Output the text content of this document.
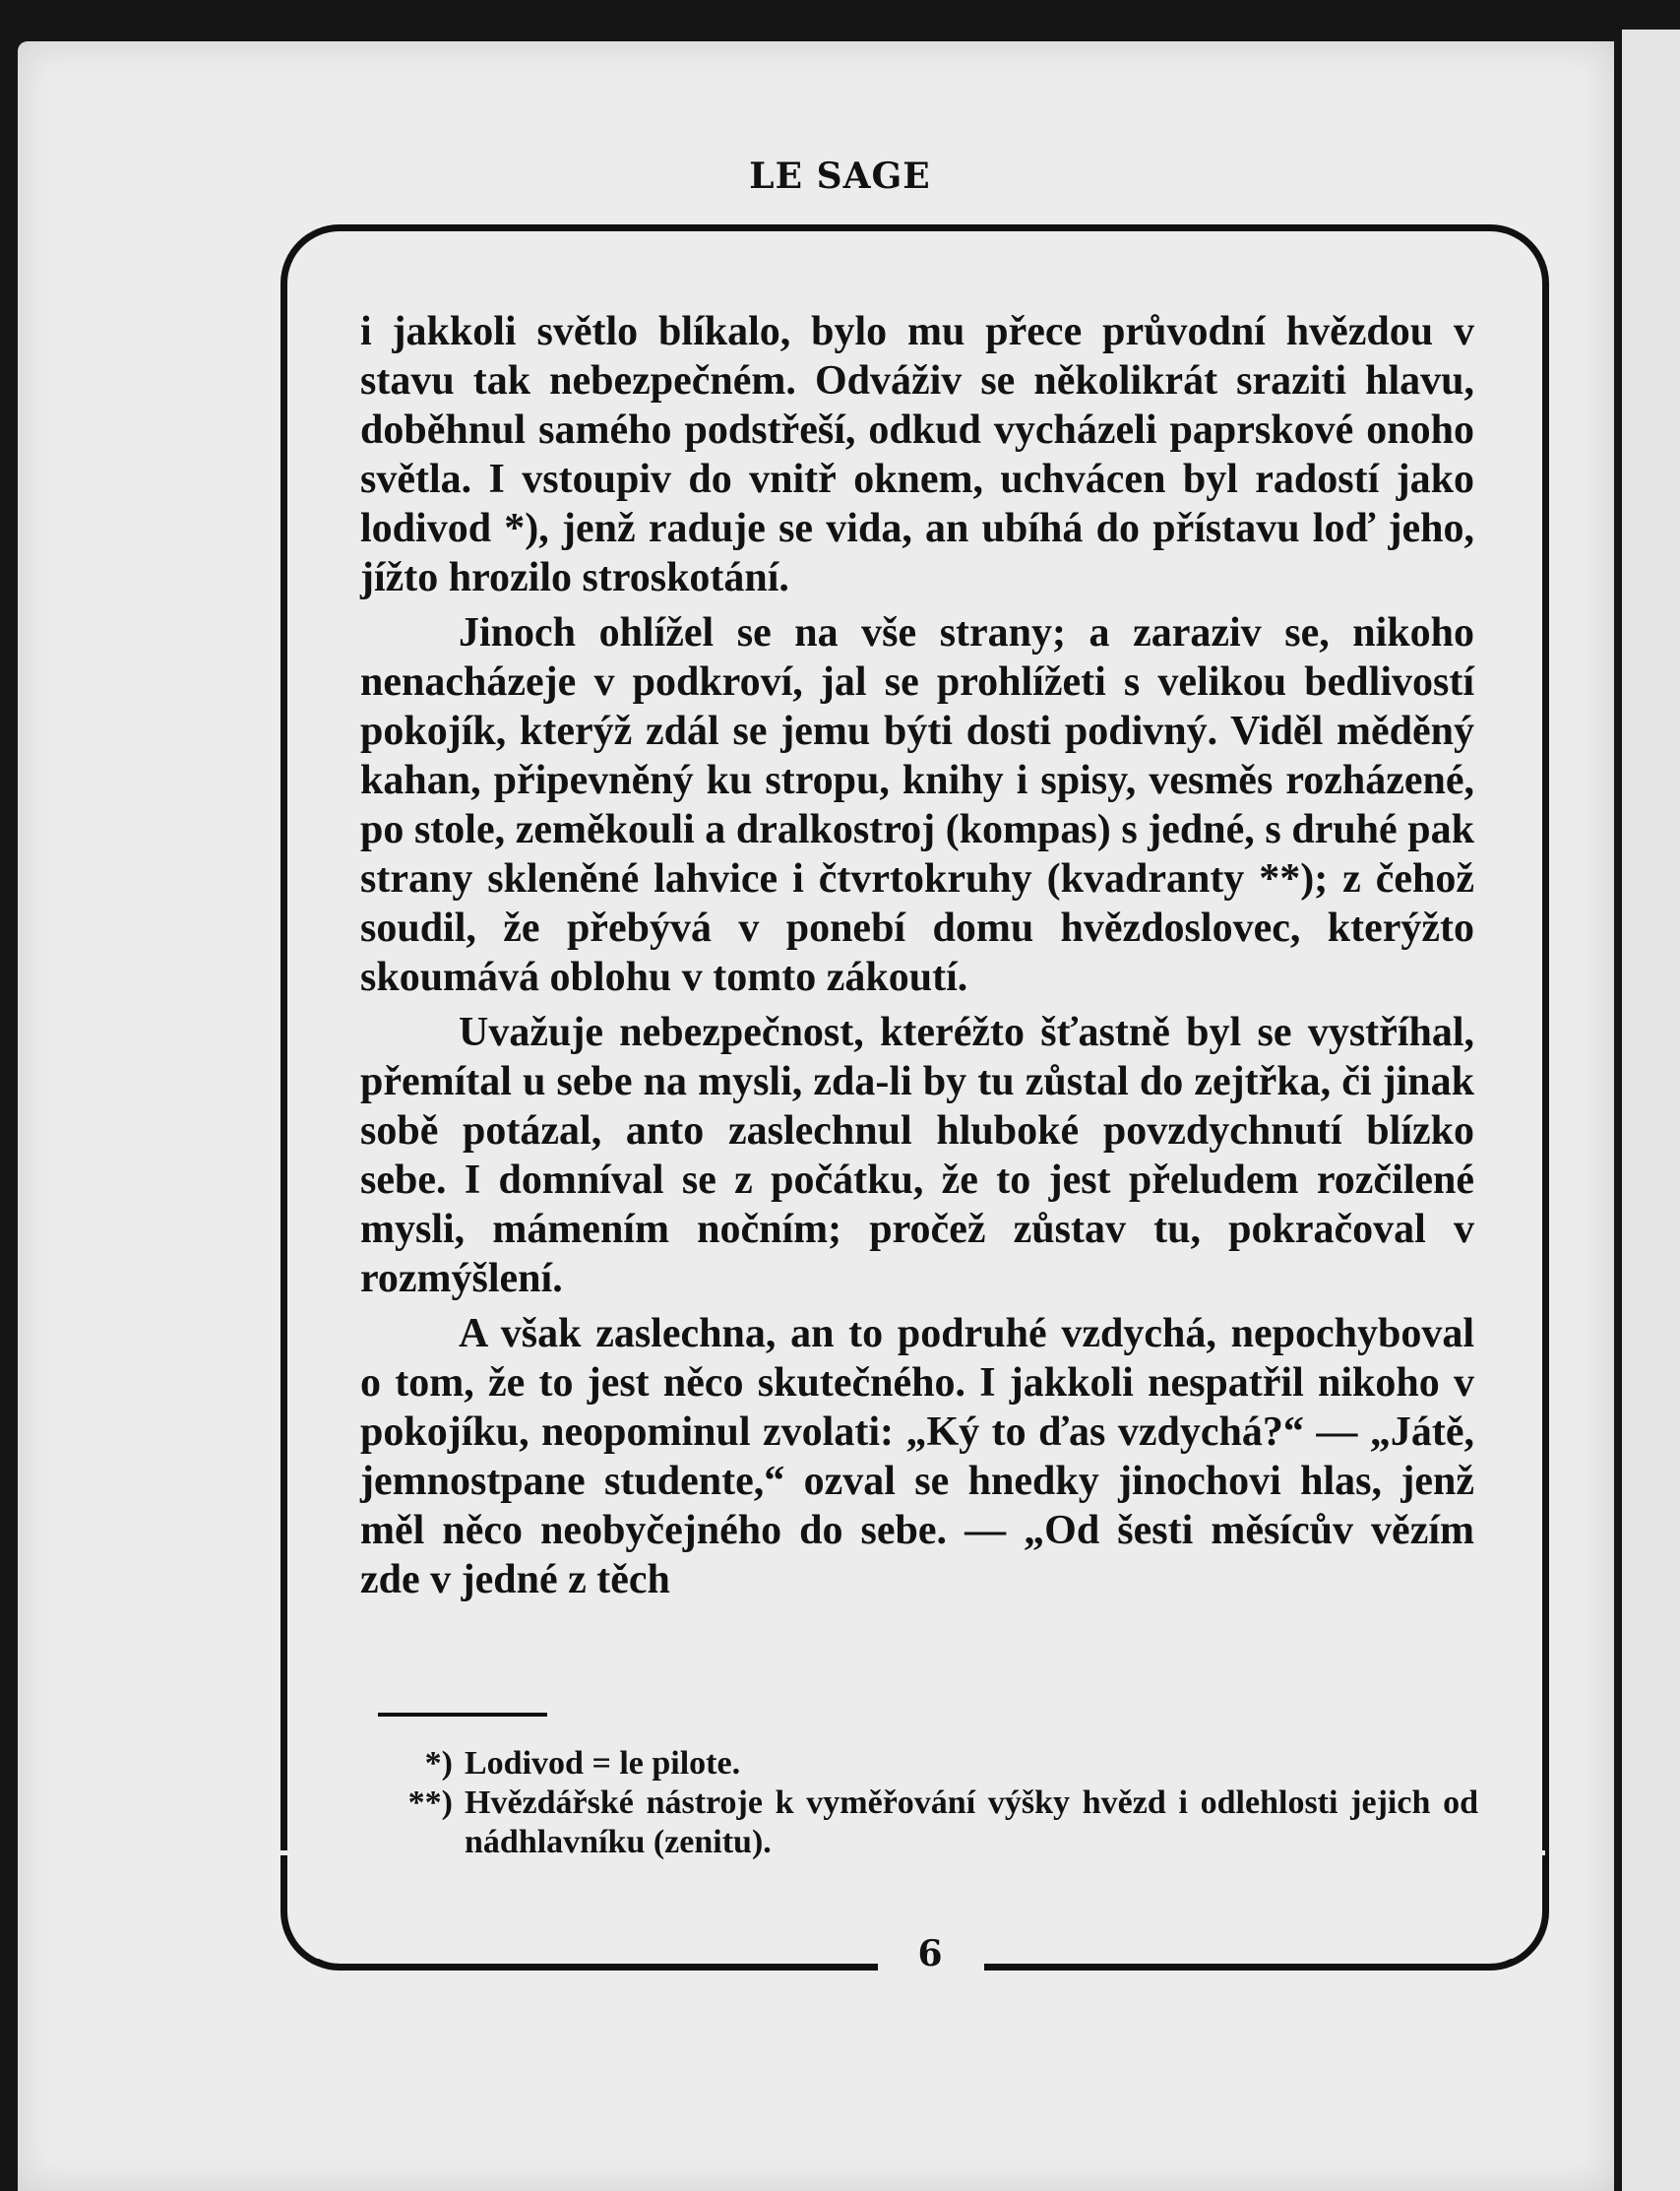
LE SAGE
6

i jakkoli světlo blíkalo, bylo mu přece průvodní hvězdou v stavu tak nebezpečném. Odváživ se několikrát sraziti hlavu, doběhnul samého podstřeší, odkud vycházeli paprskové onoho světla. I vstoupiv do vnitř oknem, uchvácen byl radostí jako lodivod *), jenž raduje se vida, an ubíhá do přístavu loď jeho, jížto hrozilo stroskotání.

Jinoch ohlížel se na vše strany; a zaraziv se, nikoho nenacházeje v podkroví, jal se prohlížeti s velikou bedlivostí pokojík, kterýž zdál se jemu býti dosti podivný. Viděl měděný kahan, připevněný ku stropu, knihy i spisy, vesměs rozházené, po stole, zeměkouli a dralkostroj (kompas) s jedné, s druhé pak strany skleněné lahvice i čtvrtokruhy (kvadranty **); z čehož soudil, že přebývá v ponebí domu hvězdoslovec, kterýžto skoumává oblohu v tomto zákoutí.

Uvažuje nebezpečnost, kteréžto šťastně byl se vystříhal, přemítal u sebe na mysli, zda-li by tu zůstal do zejtřka, či jinak sobě potázal, anto zaslechnul hluboké povzdychnutí blízko sebe. I domníval se z počátku, že to jest přeludem rozčilené mysli, mámením nočním; pročež zůstav tu, pokračoval v rozmýšlení.

A však zaslechna, an to podruhé vzdychá, nepochyboval o tom, že to jest něco skutečného. I jakkoli nespatřil nikoho v pokojíku, neopominul zvolati: „Ký to ďas vzdychá?“ — „Játě, jemnostpane studente,“ ozval se hnedky jinochovi hlas, jenž měl něco neobyčejného do sebe. — „Od šesti měsícův vězím zde v jedné z těch

*) Lodivod = le pilote.
**) Hvězdářské nástroje k vyměřování výšky hvězd i odlehlosti jejich od nádhlavníku (zenitu).
